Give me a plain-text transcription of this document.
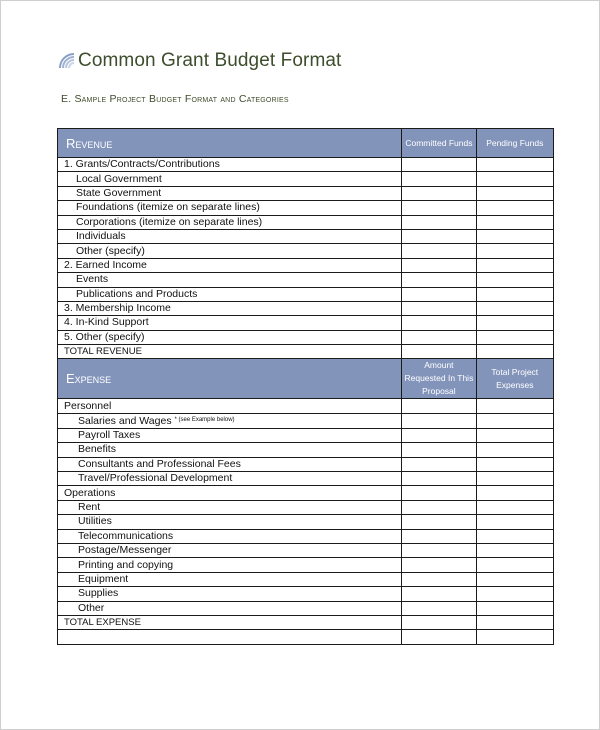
Common Grant Budget Format
E. Sample Project Budget Format and Categories
Revenue	Committed Funds	Pending Funds
1. Grants/Contracts/Contributions		
Local Government		
State Government		
Foundations (itemize on separate lines)		
Corporations (itemize on separate lines)		
Individuals		
Other (specify)		
2. Earned Income		
Events		
Publications and Products		
3. Membership Income		
4. In-Kind Support		
5. Other (specify)		
TOTAL REVENUE		
Expense	Amount Requested In This Proposal	Total Project Expenses
Personnel		
Salaries and Wages $^{* (see Example below)}$		
Payroll Taxes		
Benefits		
Consultants and Professional Fees		
Travel/Professional Development		
Operations		
Rent		
Utilities		
Telecommunications		
Postage/Messenger		
Printing and copying		
Equipment		
Supplies		
Other		
TOTAL EXPENSE		
